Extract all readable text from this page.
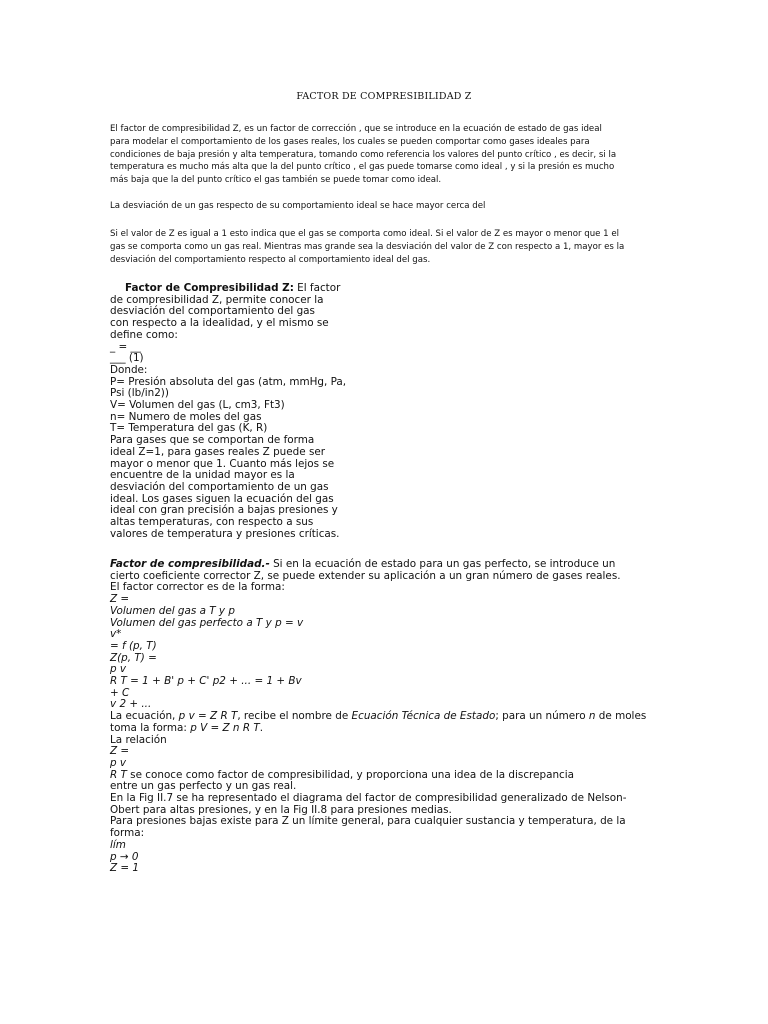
FACTOR DE COMPRESIBILIDAD Z
El factor de compresibilidad Z, es un factor de corrección , que se introduce en la ecuación de estado de gas ideal
para modelar el comportamiento de los gases reales, los cuales se pueden comportar como gases ideales para
condiciones de baja presión y alta temperatura, tomando como referencia los valores del punto crítico , es decir, si la
temperatura es mucho más alta que la del punto crítico , el gas puede tomarse como ideal , y si la presión es mucho
más baja que la del punto crítico el gas también se puede tomar como ideal.
La desviación de un gas respecto de su comportamiento ideal se hace mayor cerca del
Si el valor de Z es igual a 1 esto indica que el gas se comporta como ideal. Si el valor de Z es mayor o menor que 1 el
gas se comporta como un gas real. Mientras mas grande sea la desviación del valor de Z con respecto a 1, mayor es la
desviación del comportamiento respecto al comportamiento ideal del gas.
Factor de Compresibilidad Z: El factor
de compresibilidad Z, permite conocer la
desviación del comportamiento del gas
con respecto a la idealidad, y el mismo se
define como:
_ = __
___ (1)
Donde:
P= Presión absoluta del gas (atm, mmHg, Pa,
Psi (lb/in2))
V= Volumen del gas (L, cm3, Ft3)
n= Numero de moles del gas
T= Temperatura del gas (K, R)
Para gases que se comportan de forma
ideal Z=1, para gases reales Z puede ser
mayor o menor que 1. Cuanto más lejos se
encuentre de la unidad mayor es la
desviación del comportamiento de un gas
ideal. Los gases siguen la ecuación del gas
ideal con gran precisión a bajas presiones y
altas temperaturas, con respecto a sus
valores de temperatura y presiones críticas.
Factor de compresibilidad.- Si en la ecuación de estado para un gas perfecto, se introduce un
cierto coeficiente corrector Z, se puede extender su aplicación a un gran número de gases reales.
El factor corrector es de la forma:
Z =
Volumen del gas a T y p
Volumen del gas perfecto a T y p = v
v*
= f (p, T)
Z(p, T) =
p v
R T = 1 + B' p + C' p2 + ... = 1 + Bv
+ C
v 2 + ...
La ecuación, p v = Z R T, recibe el nombre de Ecuación Técnica de Estado; para un número n de moles
toma la forma: p V = Z n R T.
La relación
Z =
p v
R T se conoce como factor de compresibilidad, y proporciona una idea de la discrepancia
entre un gas perfecto y un gas real.
En la Fig II.7 se ha representado el diagrama del factor de compresibilidad generalizado de Nelson-
Obert para altas presiones, y en la Fig II.8 para presiones medias.
Para presiones bajas existe para Z un límite general, para cualquier sustancia y temperatura, de la
forma:
lím
p → 0
Z = 1
